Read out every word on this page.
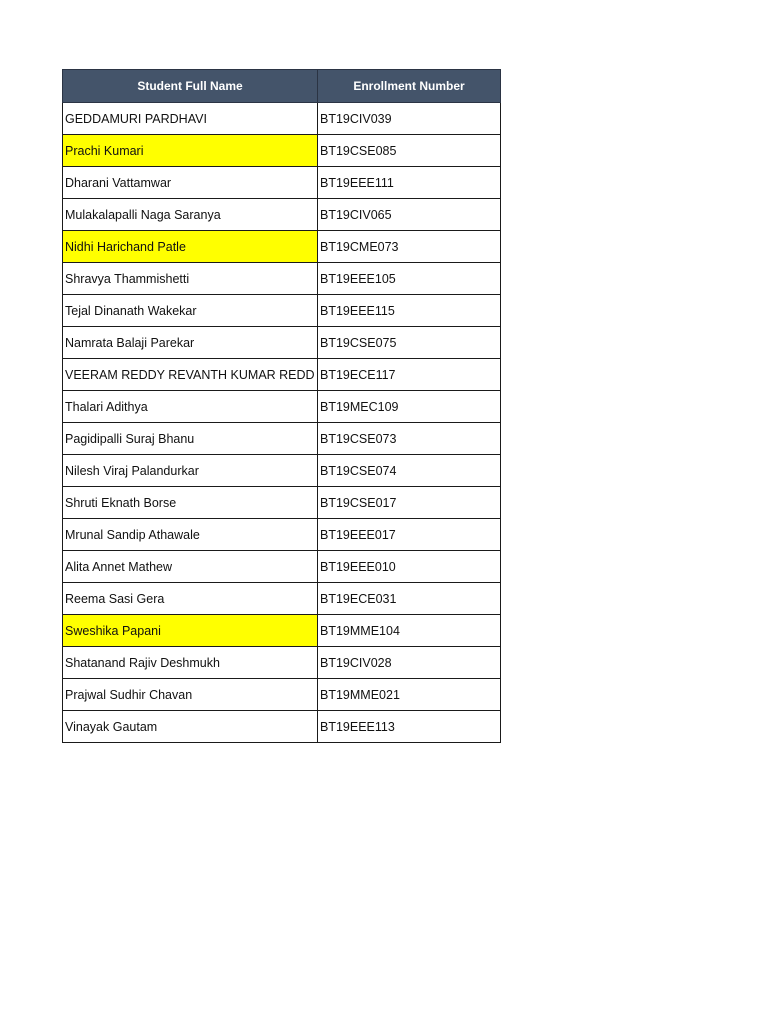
Student Full Name	Enrollment Number
GEDDAMURI PARDHAVI	BT19CIV039
Prachi Kumari	BT19CSE085
Dharani Vattamwar	BT19EEE111
Mulakalapalli Naga Saranya	BT19CIV065
Nidhi Harichand Patle	BT19CME073
Shravya Thammishetti	BT19EEE105
Tejal Dinanath Wakekar	BT19EEE115
Namrata Balaji Parekar	BT19CSE075
VEERAM REDDY REVANTH KUMAR REDD	BT19ECE117
Thalari Adithya	BT19MEC109
Pagidipalli Suraj Bhanu	BT19CSE073
Nilesh Viraj Palandurkar	BT19CSE074
Shruti Eknath Borse	BT19CSE017
Mrunal Sandip Athawale	BT19EEE017
Alita Annet Mathew	BT19EEE010
Reema Sasi Gera	BT19ECE031
Sweshika Papani	BT19MME104
Shatanand Rajiv Deshmukh	BT19CIV028
Prajwal Sudhir Chavan	BT19MME021
Vinayak Gautam	BT19EEE113
